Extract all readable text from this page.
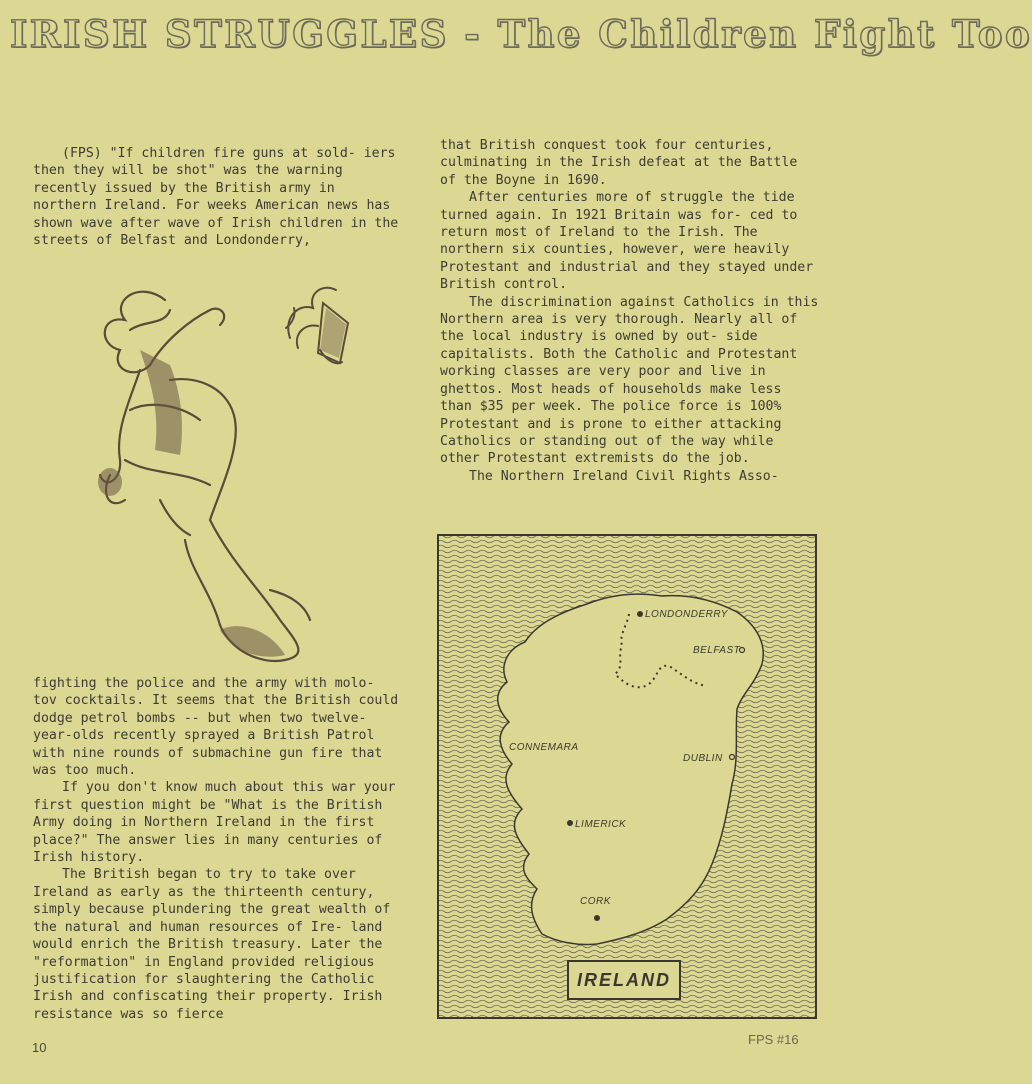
IRISH STRUGGLES - The Children Fight Too

(FPS) "If children fire guns at sold- iers then they will be shot" was the warning recently issued by the British army in northern Ireland. For weeks American news has shown wave after wave of Irish children in the streets of Belfast and Londonderry,

fighting the police and the army with molo- tov cocktails. It seems that the British could dodge petrol bombs -- but when two twelve-year-olds recently sprayed a British Patrol with nine rounds of submachine gun fire that was too much.

If you don't know much about this war your first question might be "What is the British Army doing in Northern Ireland in the first place?" The answer lies in many centuries of Irish history.

The British began to try to take over Ireland as early as the thirteenth century, simply because plundering the great wealth of the natural and human resources of Ire- land would enrich the British treasury. Later the "reformation" in England provided religious justification for slaughtering the Catholic Irish and confiscating their property. Irish resistance was so fierce

that British conquest took four centuries, culminating in the Irish defeat at the Battle of the Boyne in 1690.

After centuries more of struggle the tide turned again. In 1921 Britain was for- ced to return most of Ireland to the Irish. The northern six counties, however, were heavily Protestant and industrial and they stayed under British control.

The discrimination against Catholics in this Northern area is very thorough. Nearly all of the local industry is owned by out- side capitalists. Both the Catholic and Protestant working classes are very poor and live in ghettos. Most heads of households make less than $35 per week. The police force is 100% Protestant and is prone to either attacking Catholics or standing out of the way while other Protestant extremists do the job.

The Northern Ireland Civil Rights Asso-

LONDONDERRY
BELFAST
CONNEMARA
DUBLIN
LIMERICK
CORK
IRELAND
10
FPS #16
